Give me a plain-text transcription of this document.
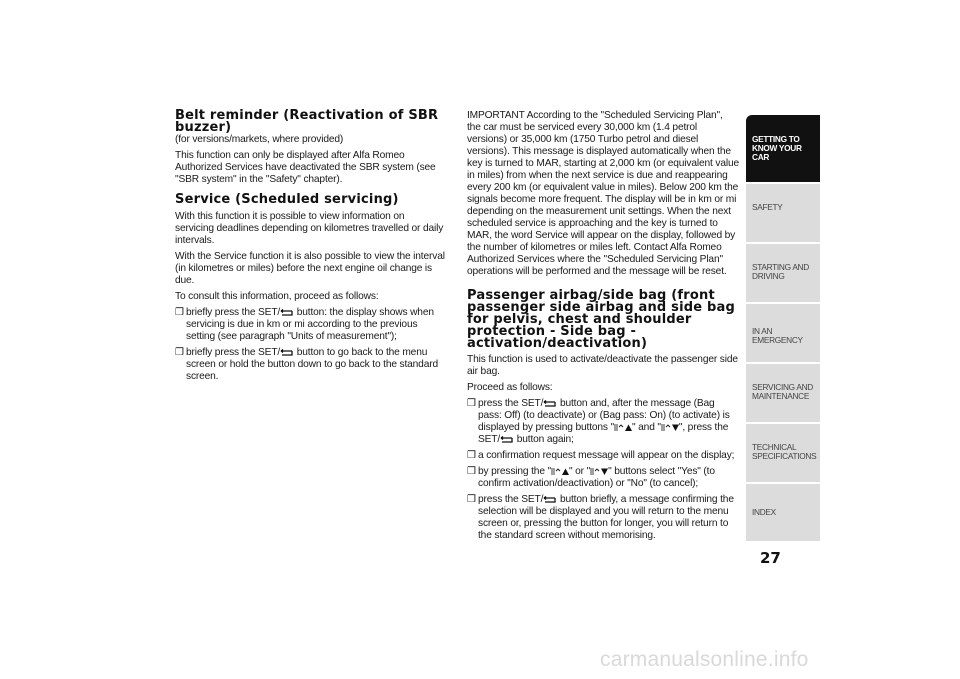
Belt reminder (Reactivation of SBR buzzer)

(for versions/markets, where provided)

This function can only be displayed after Alfa Romeo Authorized Services have deactivated the SBR system (see "SBR system" in the "Safety" chapter).

Service (Scheduled servicing)

With this function it is possible to view information on servicing deadlines depending on kilometres travelled or daily intervals.

With the Service function it is also possible to view the interval (in kilometres or miles) before the next engine oil change is due.

To consult this information, proceed as follows:

❒ briefly press the SET/ button: the display shows when servicing is due in km or mi according to the previous setting (see paragraph "Units of measurement");
❒ briefly press the SET/ button to go back to the menu screen or hold the button down to go back to the standard screen.

IMPORTANT According to the "Scheduled Servicing Plan", the car must be serviced every 30,000 km (1.4 petrol versions) or 35,000 km (1750 Turbo petrol and diesel versions). This message is displayed automatically when the key is turned to MAR, starting at 2,000 km (or equivalent value in miles) from when the next service is due and reappearing every 200 km (or equivalent value in miles). Below 200 km the signals become more frequent. The display will be in km or mi depending on the measurement unit settings. When the next scheduled service is approaching and the key is turned to MAR, the word Service will appear on the display, followed by the number of kilometres or miles left. Contact Alfa Romeo Authorized Services where the "Scheduled Servicing Plan" operations will be performed and the message will be reset.

Passenger airbag/side bag (front passenger side airbag and side bag for pelvis, chest and shoulder protection - Side bag - activation/deactivation)

This function is used to activate/deactivate the passenger side air bag.

Proceed as follows:

❒ press the SET/ button and, after the message (Bag pass: Off) (to deactivate) or (Bag pass: On) (to activate) is displayed by pressing buttons " " and " ", press the SET/ button again;
❒ a confirmation request message will appear on the display;
❒ by pressing the " " or " " buttons select "Yes" (to confirm activation/deactivation) or "No" (to cancel);
❒ press the SET/ button briefly, a message confirming the selection will be displayed and you will return to the menu screen or, pressing the button for longer, you will return to the standard screen without memorising.
GETTING TO KNOW YOUR CAR
SAFETY
STARTING AND DRIVING
IN AN EMERGENCY
SERVICING AND MAINTENANCE
TECHNICAL SPECIFICATIONS
INDEX
27
carmanualsonline.info
